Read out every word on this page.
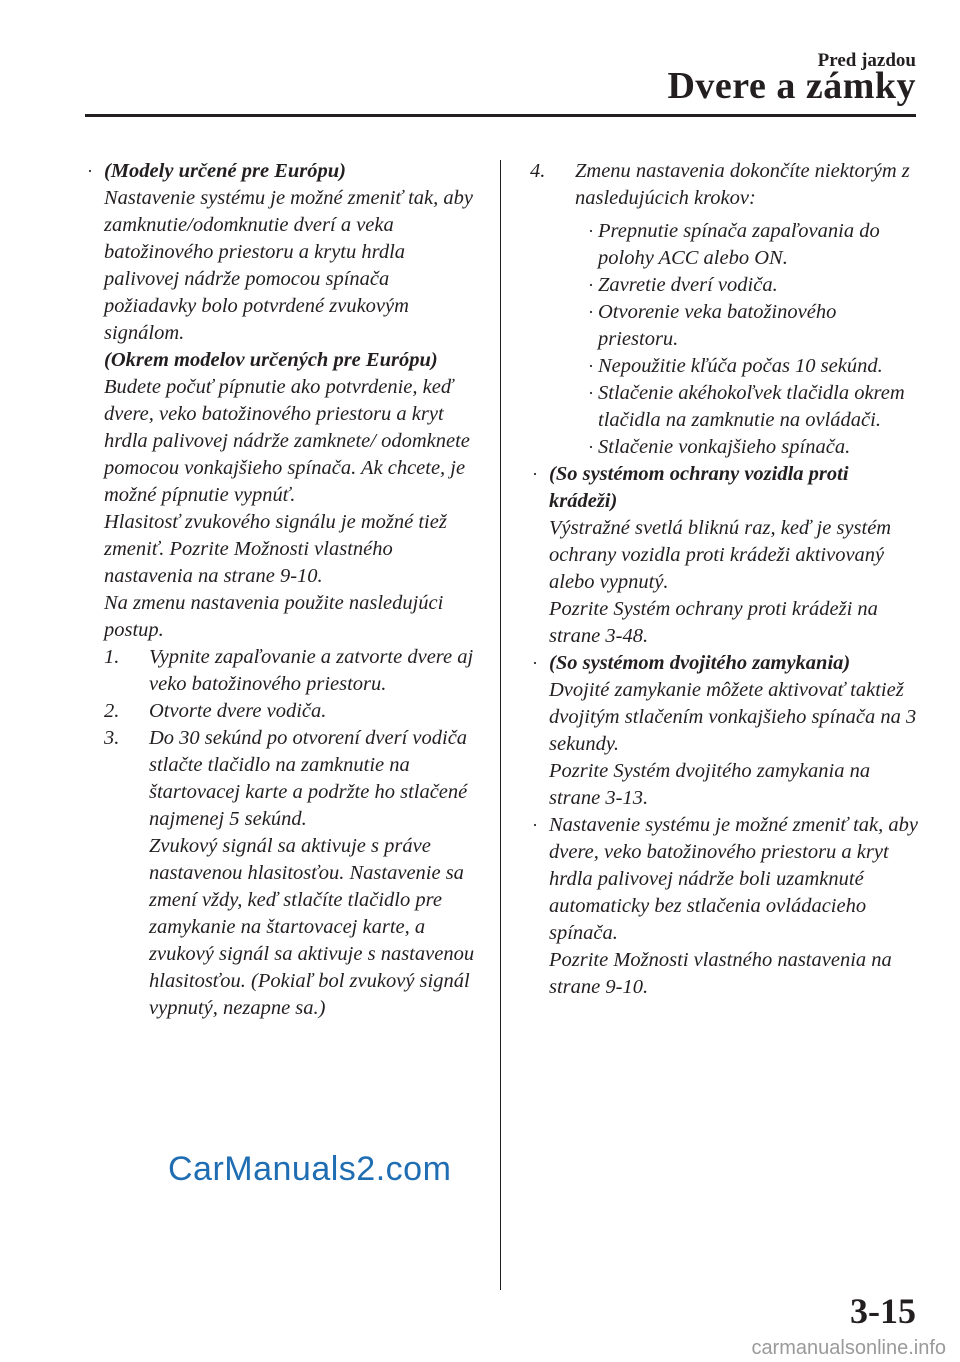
Pred jazdou
Dvere a zámky
· (Modely určené pre Európu)
Nastavenie systému je možné zmeniť tak, aby zamknutie/odomknutie dverí a veka batožinového priestoru a krytu hrdla palivovej nádrže pomocou spínača požiadavky bolo potvrdené zvukovým signálom.
(Okrem modelov určených pre Európu)
Budete počuť pípnutie ako potvrdenie, keď dvere, veko batožinového priestoru a kryt hrdla palivovej nádrže zamknete/ odomknete pomocou vonkajšieho spínača. Ak chcete, je možné pípnutie vypnúť.
Hlasitosť zvukového signálu je možné tiež zmeniť. Pozrite Možnosti vlastného nastavenia na strane 9-10.
Na zmenu nastavenia použite nasledujúci postup.
1. Vypnite zapaľovanie a zatvorte dvere aj veko batožinového priestoru.
2. Otvorte dvere vodiča.
3. Do 30 sekúnd po otvorení dverí vodiča stlačte tlačidlo na zamknutie na štartovacej karte a podržte ho stlačené najmenej 5 sekúnd.
Zvukový signál sa aktivuje s práve nastavenou hlasitosťou. Nastavenie sa zmení vždy, keď stlačíte tlačidlo pre zamykanie na štartovacej karte, a zvukový signál sa aktivuje s nastavenou hlasitosťou. (Pokiaľ bol zvukový signál vypnutý, nezapne sa.)
4. Zmenu nastavenia dokončíte niektorým z nasledujúcich krokov:
· Prepnutie spínača zapaľovania do polohy ACC alebo ON.
· Zavretie dverí vodiča.
· Otvorenie veka batožinového priestoru.
· Nepoužitie kľúča počas 10 sekúnd.
· Stlačenie akéhokoľvek tlačidla okrem tlačidla na zamknutie na ovládači.
· Stlačenie vonkajšieho spínača.
· (So systémom ochrany vozidla proti krádeži)
Výstražné svetlá bliknú raz, keď je systém ochrany vozidla proti krádeži aktivovaný alebo vypnutý.
Pozrite Systém ochrany proti krádeži na strane 3-48.
· (So systémom dvojitého zamykania)
Dvojité zamykanie môžete aktivovať taktiež dvojitým stlačením vonkajšieho spínača na 3 sekundy.
Pozrite Systém dvojitého zamykania na strane 3-13.
· Nastavenie systému je možné zmeniť tak, aby dvere, veko batožinového priestoru a kryt hrdla palivovej nádrže boli uzamknuté automaticky bez stlačenia ovládacieho spínača.
Pozrite Možnosti vlastného nastavenia na strane 9-10.
CarManuals2.com
3-15
carmanualsonline.info
